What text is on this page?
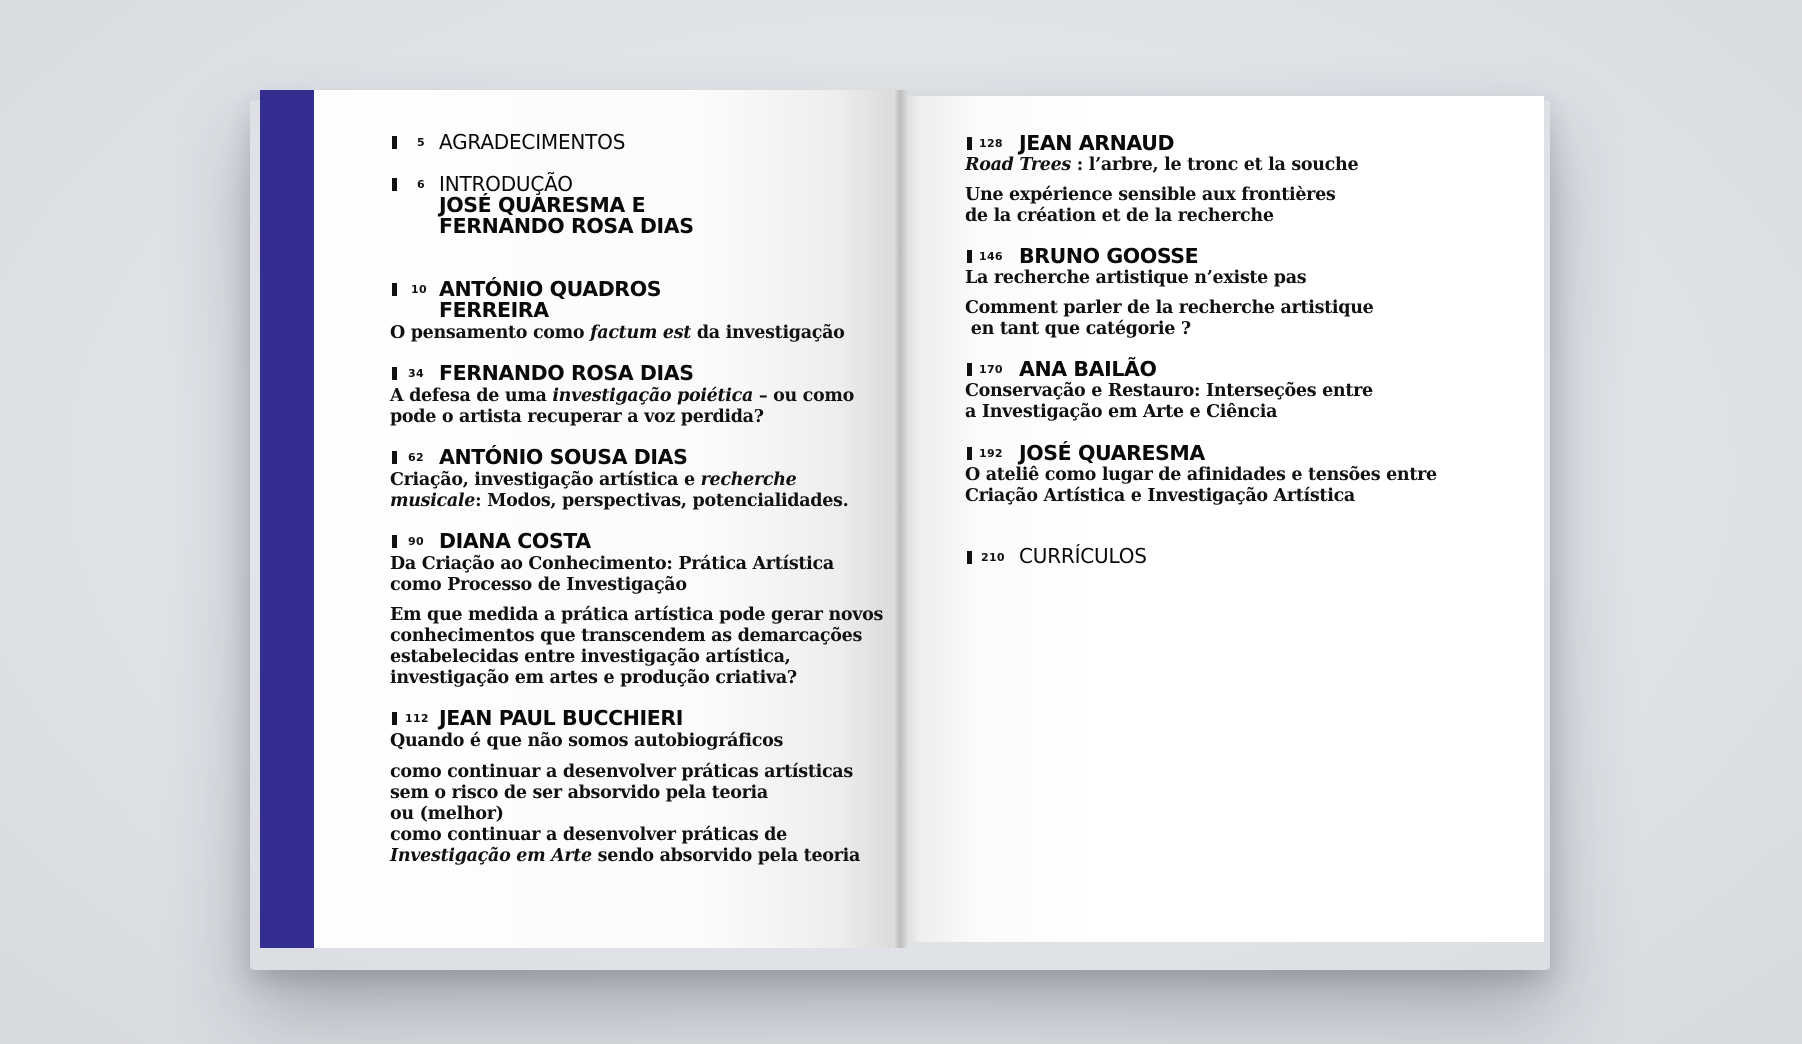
5 AGRADECIMENTOS
6 INTRODUÇÃO
JOSÉ QUARESMA E
FERNANDO ROSA DIAS
10 ANTÓNIO QUADROS
FERREIRA
O pensamento como factum est da investigação
34 FERNANDO ROSA DIAS
A defesa de uma investigação poiética – ou como
pode o artista recuperar a voz perdida?
62 ANTÓNIO SOUSA DIAS
Criação, investigação artística e recherche
musicale: Modos, perspectivas, potencialidades.
90 DIANA COSTA
Da Criação ao Conhecimento: Prática Artística
como Processo de Investigação
Em que medida a prática artística pode gerar novos
conhecimentos que transcendem as demarcações
estabelecidas entre investigação artística,
investigação em artes e produção criativa?
112 JEAN PAUL BUCCHIERI
Quando é que não somos autobiográficos
como continuar a desenvolver práticas artísticas
sem o risco de ser absorvido pela teoria
ou (melhor)
como continuar a desenvolver práticas de
Investigação em Arte sendo absorvido pela teoria
128 JEAN ARNAUD
Road Trees : l’arbre, le tronc et la souche
Une expérience sensible aux frontières
de la création et de la recherche
146 BRUNO GOOSSE
La recherche artistique n’existe pas
Comment parler de la recherche artistique
en tant que catégorie ?
170 ANA BAILÃO
Conservação e Restauro: Interseções entre
a Investigação em Arte e Ciência
192 JOSÉ QUARESMA
O ateliê como lugar de afinidades e tensões entre
Criação Artística e Investigação Artística
210 CURRÍCULOS
